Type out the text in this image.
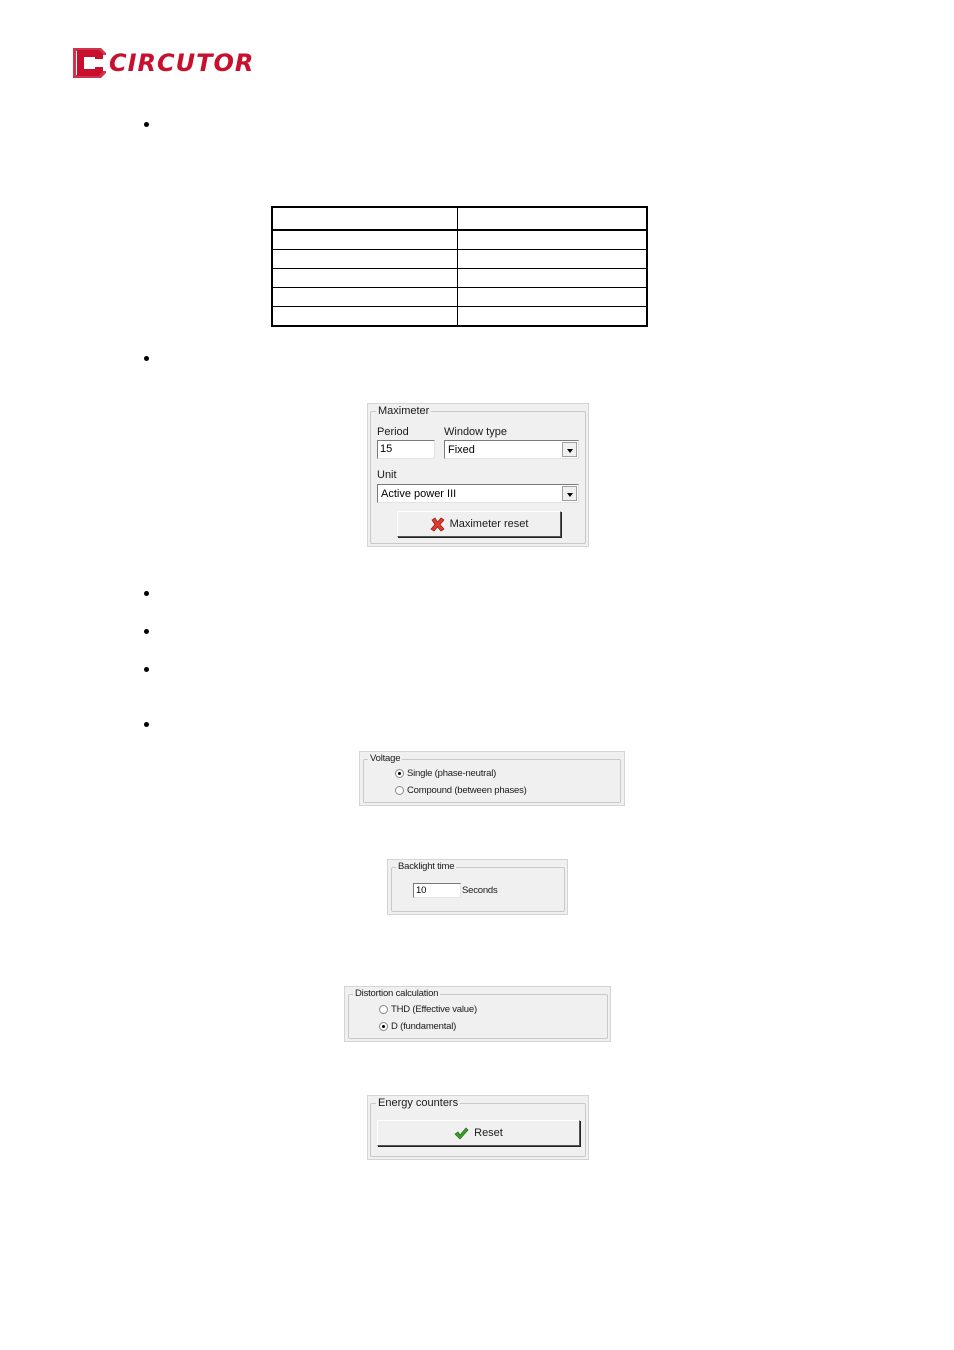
CIRCUTOR

Maximeter
Period
15
Window type
Fixed
Unit
Active power III
Maximeter reset
Voltage
Single (phase-neutral)
Compound (between phases)
Backlight time
10	Seconds
Distortion calculation
THD (Effective value)
D (fundamental)
Energy counters
Reset
